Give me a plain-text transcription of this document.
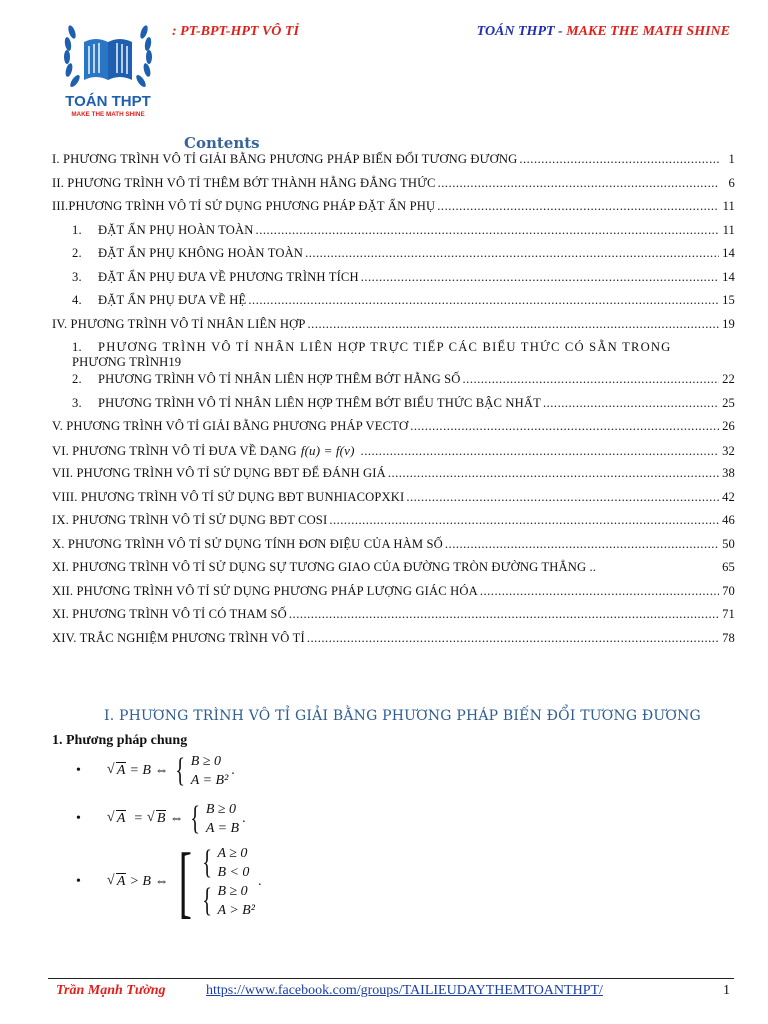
TOÁN THPT
MAKE THE MATH SHINE
: PT-BPT-HPT VÔ TỈ	TOÁN THPT - MAKE THE MATH SHINE
Contents
I. PHƯƠNG TRÌNH VÔ TỈ GIẢI BẰNG PHƯƠNG PHÁP BIẾN ĐỔI TƯƠNG ĐƯƠNG .....	1
II. PHƯƠNG TRÌNH VÔ TỈ THÊM BỚT THÀNH HẰNG ĐẲNG THỨC .....	6
III.PHƯƠNG TRÌNH VÔ TỈ SỬ DỤNG PHƯƠNG PHÁP ĐẶT ẨN PHỤ .....	11
1.	ĐẶT ẨN PHỤ HOÀN TOÀN .....	11
2.	ĐẶT ẨN PHỤ KHÔNG HOÀN TOÀN .....	14
3.	ĐẶT ẨN PHỤ ĐƯA VỀ PHƯƠNG TRÌNH TÍCH .....	14
4.	ĐẶT ẨN PHỤ ĐƯA VỀ HỆ .....	15
IV. PHƯƠNG TRÌNH VÔ TỈ NHÂN LIÊN HỢP .....	19
1. PHƯƠNG TRÌNH VÔ TỈ NHÂN LIÊN HỢP TRỰC TIẾP CÁC BIỂU THỨC CÓ SẴN TRONG
PHƯƠNG TRÌNH 19
2.	PHƯƠNG TRÌNH VÔ TỈ NHÂN LIÊN HỢP THÊM BỚT HẰNG SỐ .....	22
3.	PHƯƠNG TRÌNH VÔ TỈ NHÂN LIÊN HỢP THÊM BỚT BIỂU THỨC BẬC NHẤT .....	25
V. PHƯƠNG TRÌNH VÔ TỈ GIẢI BẰNG PHƯƠNG PHÁP VECTƠ .....	26
VI. PHƯƠNG TRÌNH VÔ TỈ ĐƯA VỀ DẠNG f(u) = f(v) .....	32
VII. PHƯƠNG TRÌNH VÔ TỈ SỬ DỤNG BĐT ĐỂ ĐÁNH GIÁ .....	38
VIII. PHƯƠNG TRÌNH VÔ TỈ SỬ DỤNG BĐT BUNHIACOPXKI .....	42
IX. PHƯƠNG TRÌNH VÔ TỈ SỬ DỤNG BĐT COSI .....	46
X. PHƯƠNG TRÌNH VÔ TỈ SỬ DỤNG TÍNH ĐƠN ĐIỆU CỦA HÀM SỐ .....	50
XI. PHƯƠNG TRÌNH VÔ TỈ SỬ DỤNG SỰ TƯƠNG GIAO CỦA ĐƯỜNG TRÒN ĐƯỜNG THẲNG ..	65
XII. PHƯƠNG TRÌNH VÔ TỈ SỬ DỤNG PHƯƠNG PHÁP LƯỢNG GIÁC HÓA .....	70
XI. PHƯƠNG TRÌNH VÔ TỈ CÓ THAM SỐ .....	71
XIV. TRẮC NGHIỆM PHƯƠNG TRÌNH VÔ TỈ .....	78
I. PHƯƠNG TRÌNH VÔ TỈ GIẢI BẰNG PHƯƠNG PHÁP BIẾN ĐỔI TƯƠNG ĐƯƠNG
1. Phương pháp chung
•	√ A = B ⇔ { B ≥ 0
A = B²
.
•	√ A =	√ B ⇔ { B ≥ 0
A = B
.
•	√ A > B ⇔ [ { A ≥ 0
B < 0
{ B ≥ 0
A > B²
.
Trần Mạnh Tường	https://www.facebook.com/groups/TAILIEUDAYTHEMTOANTHPT/	1
